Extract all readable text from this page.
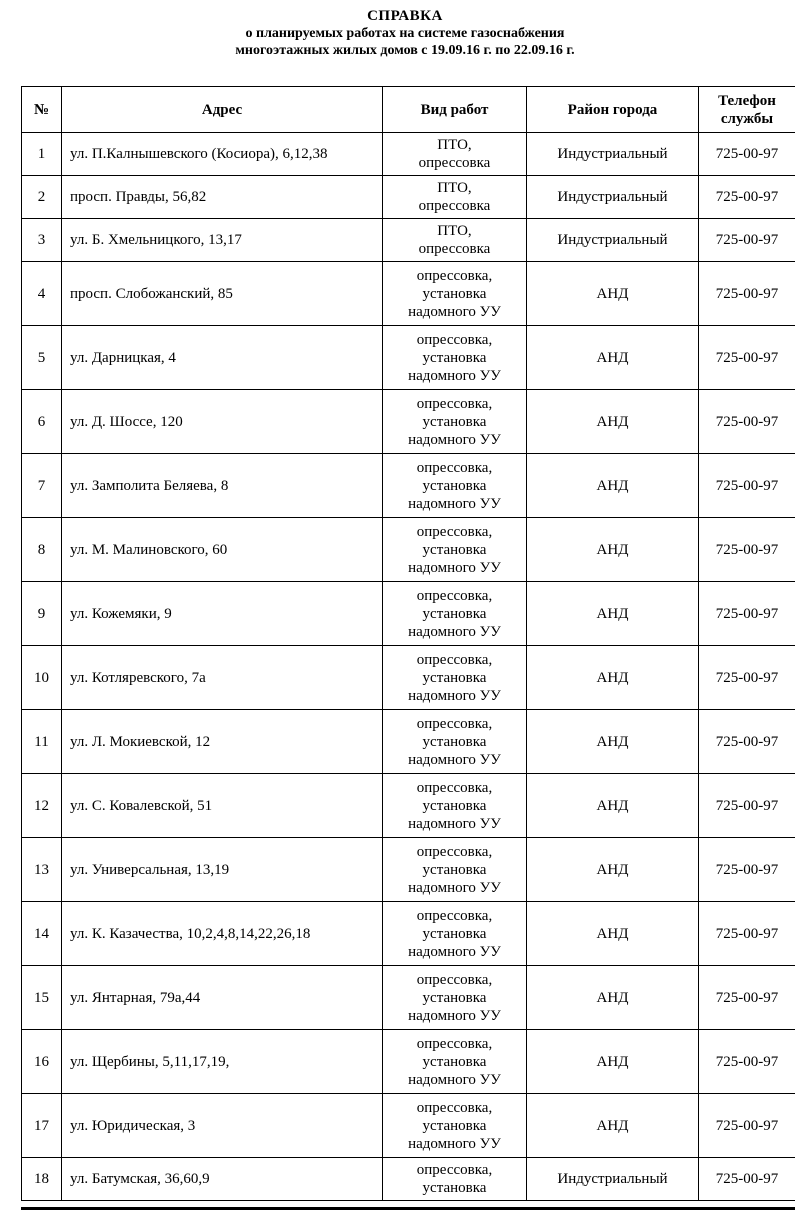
СПРАВКА
о планируемых работах на системе газоснабжения
многоэтажных жилых домов с 19.09.16 г. по 22.09.16 г.
№	Адрес	Вид работ	Район города	Телефон службы
1	ул. П.Калнышевского (Косиора), 6,12,38	ПТО,
опрессовка	Индустриальный	725-00-97
2	просп. Правды, 56,82	ПТО,
опрессовка	Индустриальный	725-00-97
3	ул. Б. Хмельницкого, 13,17	ПТО,
опрессовка	Индустриальный	725-00-97
4	просп. Слобожанский, 85	опрессовка,
установка
надомного УУ	АНД	725-00-97
5	ул. Дарницкая, 4	опрессовка,
установка
надомного УУ	АНД	725-00-97
6	ул. Д. Шоссе, 120	опрессовка,
установка
надомного УУ	АНД	725-00-97
7	ул. Замполита Беляева, 8	опрессовка,
установка
надомного УУ	АНД	725-00-97
8	ул. М. Малиновского, 60	опрессовка,
установка
надомного УУ	АНД	725-00-97
9	ул. Кожемяки, 9	опрессовка,
установка
надомного УУ	АНД	725-00-97
10	ул. Котляревского, 7а	опрессовка,
установка
надомного УУ	АНД	725-00-97
11	ул. Л. Мокиевской, 12	опрессовка,
установка
надомного УУ	АНД	725-00-97
12	ул. С. Ковалевской, 51	опрессовка,
установка
надомного УУ	АНД	725-00-97
13	ул. Универсальная, 13,19	опрессовка,
установка
надомного УУ	АНД	725-00-97
14	ул. К. Казачества, 10,2,4,8,14,22,26,18	опрессовка,
установка
надомного УУ	АНД	725-00-97
15	ул. Янтарная, 79а,44	опрессовка,
установка
надомного УУ	АНД	725-00-97
16	ул. Щербины, 5,11,17,19,	опрессовка,
установка
надомного УУ	АНД	725-00-97
17	ул. Юридическая, 3	опрессовка,
установка
надомного УУ	АНД	725-00-97
18	ул. Батумская, 36,60,9	опрессовка,
установка	Индустриальный	725-00-97
